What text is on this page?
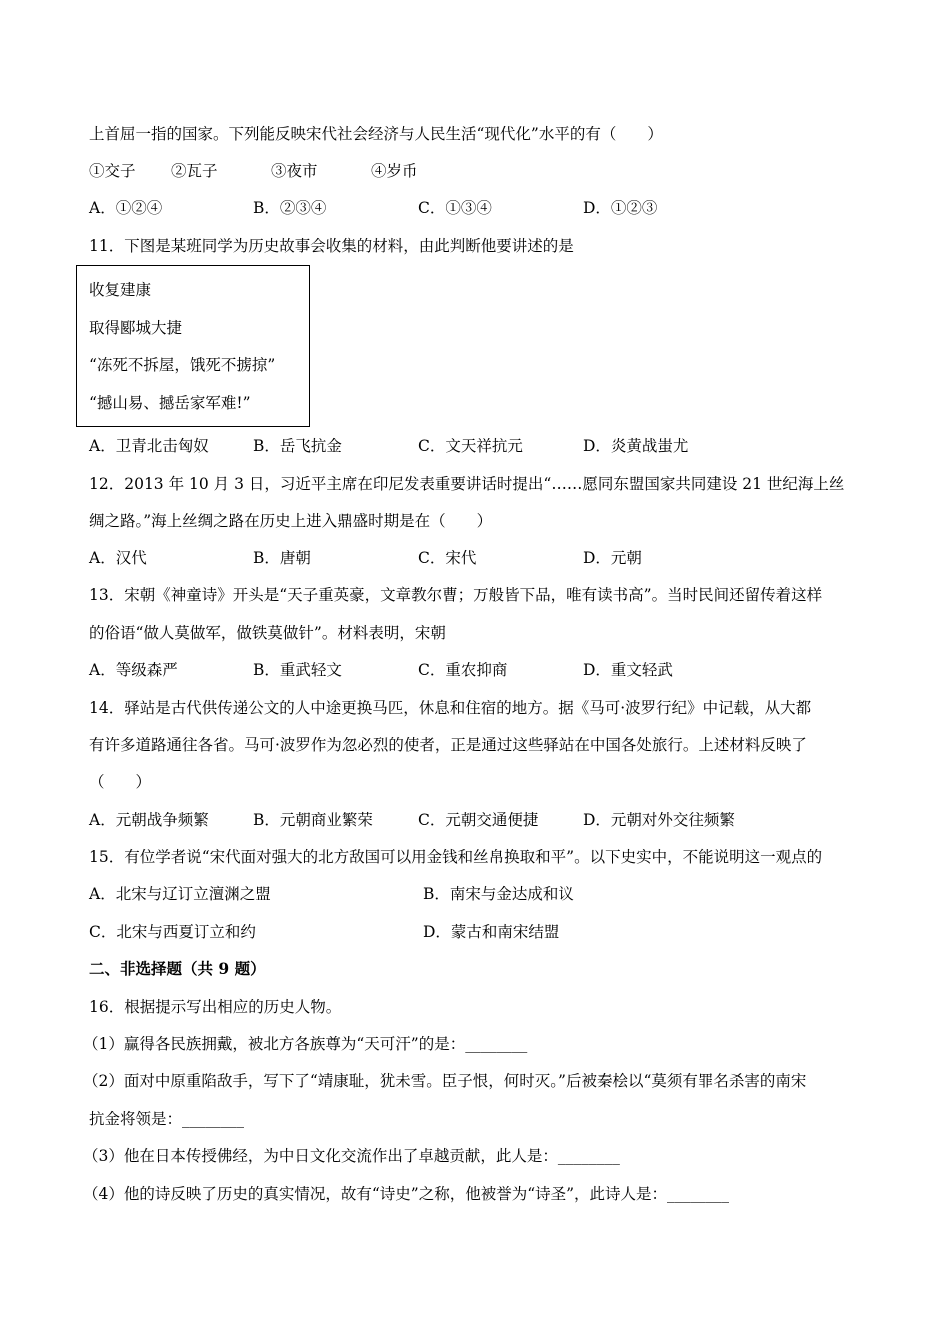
上首屈一指的国家。下列能反映宋代社会经济与人民生活“现代化”水平的有（　　）
①交子 ②瓦子	③夜市	④岁币
A．①②④	B．②③④	C．①③④	D．①②③
11．下图是某班同学为历史故事会收集的材料，由此判断他要讲述的是
收复建康
取得郾城大捷
“冻死不拆屋，饿死不掳掠”
“撼山易、撼岳家军难!”
A．卫青北击匈奴	B．岳飞抗金	C．文天祥抗元	D．炎黄战蚩尤
12．2013 年 10 月 3 日，习近平主席在印尼发表重要讲话时提出“……愿同东盟国家共同建设 21 世纪海上丝
绸之路。”海上丝绸之路在历史上进入鼎盛时期是在（　　）
A．汉代	B．唐朝	C．宋代	D．元朝
13．宋朝《神童诗》开头是“天子重英豪，文章教尔曹；万般皆下品，唯有读书高”。当时民间还留传着这样
的俗语“做人莫做军，做铁莫做针”。材料表明，宋朝
A．等级森严	B．重武轻文	C．重农抑商	D．重文轻武
14．驿站是古代供传递公文的人中途更换马匹，休息和住宿的地方。据《马可·波罗行纪》中记载，从大都
有许多道路通往各省。马可·波罗作为忽必烈的使者，正是通过这些驿站在中国各处旅行。上述材料反映了
（　　）
A．元朝战争频繁	B．元朝商业繁荣	C．元朝交通便捷	D．元朝对外交往频繁
15．有位学者说“宋代面对强大的北方敌国可以用金钱和丝帛换取和平”。以下史实中，不能说明这一观点的
A．北宋与辽订立澶渊之盟	B．南宋与金达成和议
C．北宋与西夏订立和约	D．蒙古和南宋结盟
二、非选择题（共 9 题）
16．根据提示写出相应的历史人物。
（1）赢得各民族拥戴，被北方各族尊为“天可汗”的是：________
（2）面对中原重陷敌手，写下了“靖康耻，犹未雪。臣子恨，何时灭。”后被秦桧以“莫须有罪名杀害的南宋
抗金将领是：________
（3）他在日本传授佛经，为中日文化交流作出了卓越贡献，此人是：________
（4）他的诗反映了历史的真实情况，故有“诗史”之称，他被誉为“诗圣”，此诗人是：________
